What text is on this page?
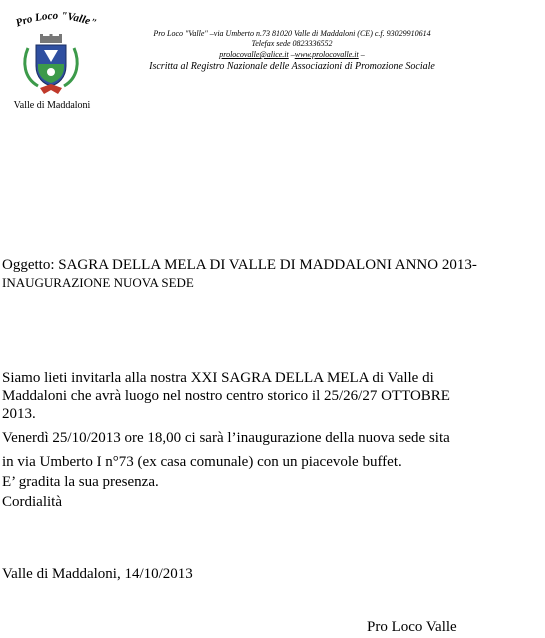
Pro Loco "Valle"
Valle di Maddaloni
Pro Loco "Valle" –via Umberto n.73 81020 Valle di Maddaloni (CE) c.f. 93029910614
Telefax sede 0823336552
prolocovalle@alice.it –www.prolocovalle.it –
Iscritta al Registro Nazionale delle Associazioni di Promozione Sociale
Oggetto: SAGRA DELLA MELA DI VALLE DI MADDALONI ANNO 2013-
INAUGURAZIONE NUOVA SEDE
Siamo lieti invitarla alla nostra XXI SAGRA DELLA MELA di Valle di
Maddaloni che avrà luogo nel nostro centro storico il 25/26/27 OTTOBRE
2013.
Venerdì 25/10/2013 ore 18,00 ci sarà l’inaugurazione della nuova sede sita
in via Umberto I n°73 (ex casa comunale) con un piacevole buffet.
E’ gradita la sua presenza.
Cordialità
Valle di Maddaloni, 14/10/2013
Pro Loco Valle
